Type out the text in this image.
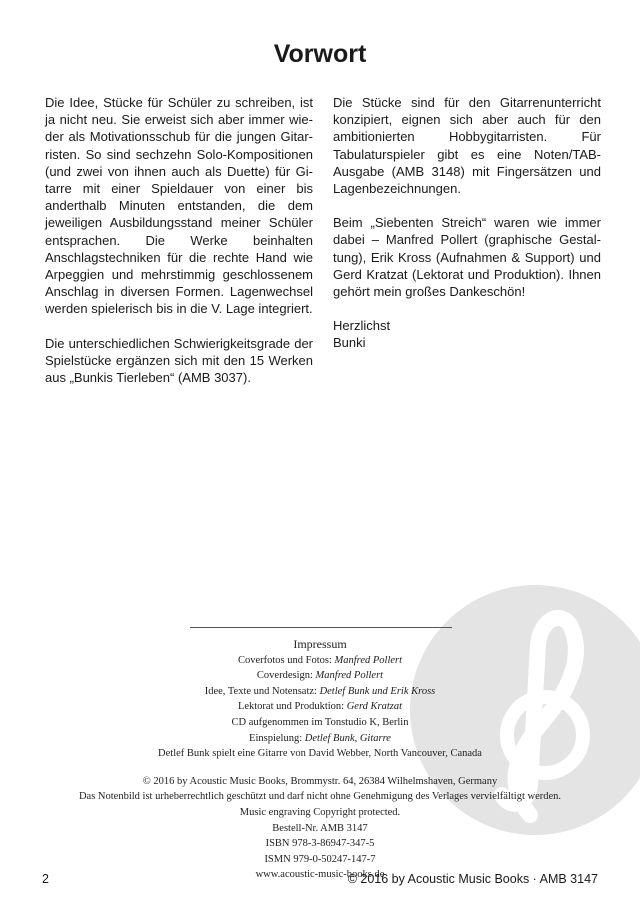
Vorwort

Die Idee, Stücke für Schüler zu schreiben, ist ja nicht neu. Sie erweist sich aber immer wieder als Motivationsschub für die jungen Gitarristen. So sind sechzehn Solo-Kompositionen (und zwei von ihnen auch als Duette) für Gitarre mit einer Spieldauer von einer bis anderthalb Minuten entstanden, die dem jeweiligen Ausbildungsstand meiner Schüler entsprachen. Die Werke beinhalten Anschlagstechniken für die rechte Hand wie Arpeggien und mehrstimmig geschlossenem Anschlag in diversen Formen. Lagenwechsel werden spielerisch bis in die V. Lage integriert.

Die unterschiedlichen Schwierigkeitsgrade der Spielstücke ergänzen sich mit den 15 Werken aus „Bunkis Tierleben“ (AMB 3037).

Die Stücke sind für den Gitarrenunterricht konzipiert, eignen sich aber auch für den ambitionierten Hobbygitarristen. Für Tabulaturspieler gibt es eine Noten/TAB-Ausgabe (AMB 3148) mit Fingersätzen und Lagenbezeichnungen.

Beim „Siebenten Streich“ waren wie immer dabei – Manfred Pollert (graphische Gestaltung), Erik Kross (Aufnahmen & Support) und Gerd Kratzat (Lektorat und Produktion). Ihnen gehört mein großes Dankeschön!

Herzlichst
Bunki

Impressum
Coverfotos und Fotos: Manfred Pollert
Coverdesign: Manfred Pollert
Idee, Texte und Notensatz: Detlef Bunk und Erik Kross
Lektorat und Produktion: Gerd Kratzat
CD aufgenommen im Tonstudio K, Berlin
Einspielung: Detlef Bunk, Gitarre
Detlef Bunk spielt eine Gitarre von David Webber, North Vancouver, Canada
© 2016 by Acoustic Music Books, Brommystr. 64, 26384 Wilhelmshaven, Germany
Das Notenbild ist urheberrechtlich geschützt und darf nicht ohne Genehmigung des Verlages vervielfältigt werden.
Music engraving Copyright protected.
Bestell-Nr. AMB 3147
ISBN 978-3-86947-347-5
ISMN 979-0-50247-147-7
www.acoustic-music-books.de
2	© 2016 by Acoustic Music Books · AMB 3147
